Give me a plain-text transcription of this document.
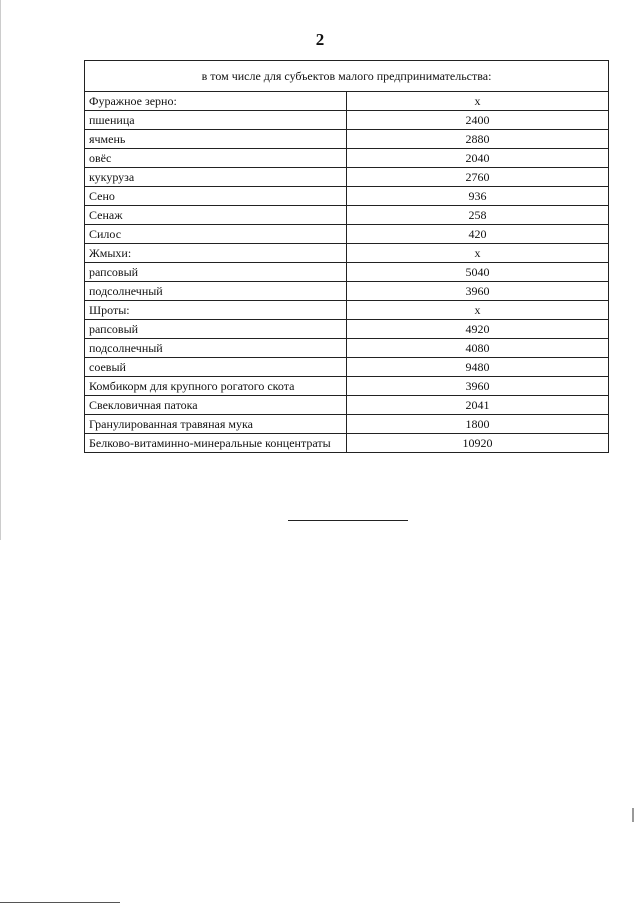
2
в том числе для субъектов малого предпринимательства:	
Фуражное зерно:	х
пшеница	2400
ячмень	2880
овёс	2040
кукуруза	2760
Сено	936
Сенаж	258
Силос	420
Жмыхи:	х
рапсовый	5040
подсолнечный	3960
Шроты:	х
рапсовый	4920
подсолнечный	4080
соевый	9480
Комбикорм для крупного рогатого скота	3960
Свекловичная патока	2041
Гранулированная травяная мука	1800
Белково-витаминно-минеральные концентраты	10920
